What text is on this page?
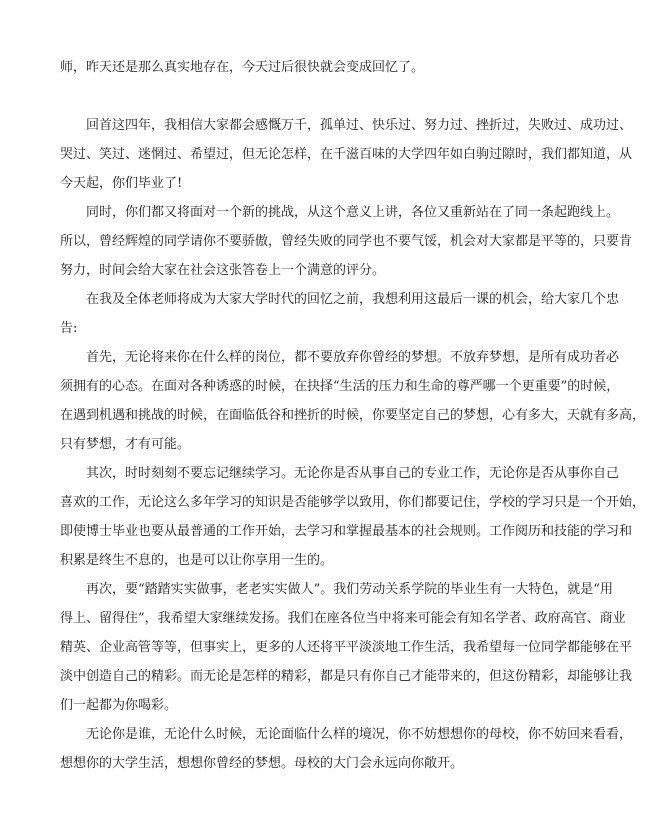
师，昨天还是那么真实地存在，今天过后很快就会变成回忆了。
回首这四年，我相信大家都会感慨万千，孤单过、快乐过、努力过、挫折过，失败过、成功过、
哭过、笑过、迷惘过、希望过，但无论怎样，在千滋百味的大学四年如白驹过隙时，我们都知道，从
今天起，你们毕业了!
同时，你们都又将面对一个新的挑战，从这个意义上讲，各位又重新站在了同一条起跑线上。
所以，曾经辉煌的同学请你不要骄傲，曾经失败的同学也不要气馁，机会对大家都是平等的，只要肯
努力，时间会给大家在社会这张答卷上一个满意的评分。
在我及全体老师将成为大家大学时代的回忆之前，我想利用这最后一课的机会，给大家几个忠
告:
首先，无论将来你在什么样的岗位，都不要放弃你曾经的梦想。不放弃梦想，是所有成功者必
须拥有的心态。在面对各种诱惑的时候，在抉择“生活的压力和生命的尊严哪一个更重要”的时候，
在遇到机遇和挑战的时候，在面临低谷和挫折的时候，你要坚定自己的梦想，心有多大，天就有多高，
只有梦想，才有可能。
其次，时时刻刻不要忘记继续学习。无论你是否从事自己的专业工作，无论你是否从事你自己
喜欢的工作，无论这么多年学习的知识是否能够学以致用，你们都要记住，学校的学习只是一个开始，
即使博士毕业也要从最普通的工作开始，去学习和掌握最基本的社会规则。工作阅历和技能的学习和
积累是终生不息的，也是可以让你享用一生的。
再次，要“踏踏实实做事，老老实实做人”。我们劳动关系学院的毕业生有一大特色，就是“用
得上、留得住”，我希望大家继续发扬。我们在座各位当中将来可能会有知名学者、政府高官、商业
精英、企业高管等等，但事实上，更多的人还将平平淡淡地工作生活，我希望每一位同学都能够在平
淡中创造自己的精彩。而无论是怎样的精彩，都是只有你自己才能带来的，但这份精彩，却能够让我
们一起都为你喝彩。
无论你是谁，无论什么时候，无论面临什么样的境况，你不妨想想你的母校，你不妨回来看看，
想想你的大学生活，想想你曾经的梦想。母校的大门会永远向你敞开。
